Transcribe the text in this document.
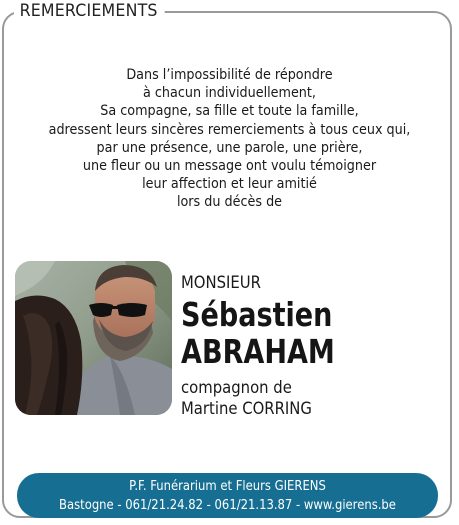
REMERCIEMENTS
Dans l’impossibilité de répondre
à chacun individuellement,
Sa compagne, sa fille et toute la famille,
adressent leurs sincères remerciements à tous ceux qui,
par une présence, une parole, une prière,
une fleur ou un message ont voulu témoigner
leur affection et leur amitié
lors du décès de
MONSIEUR
Sébastien
ABRAHAM
compagnon de
Martine CORRING
P.F. Funérarium et Fleurs GIERENS
Bastogne - 061/21.24.82 - 061/21.13.87 - www.gierens.be
